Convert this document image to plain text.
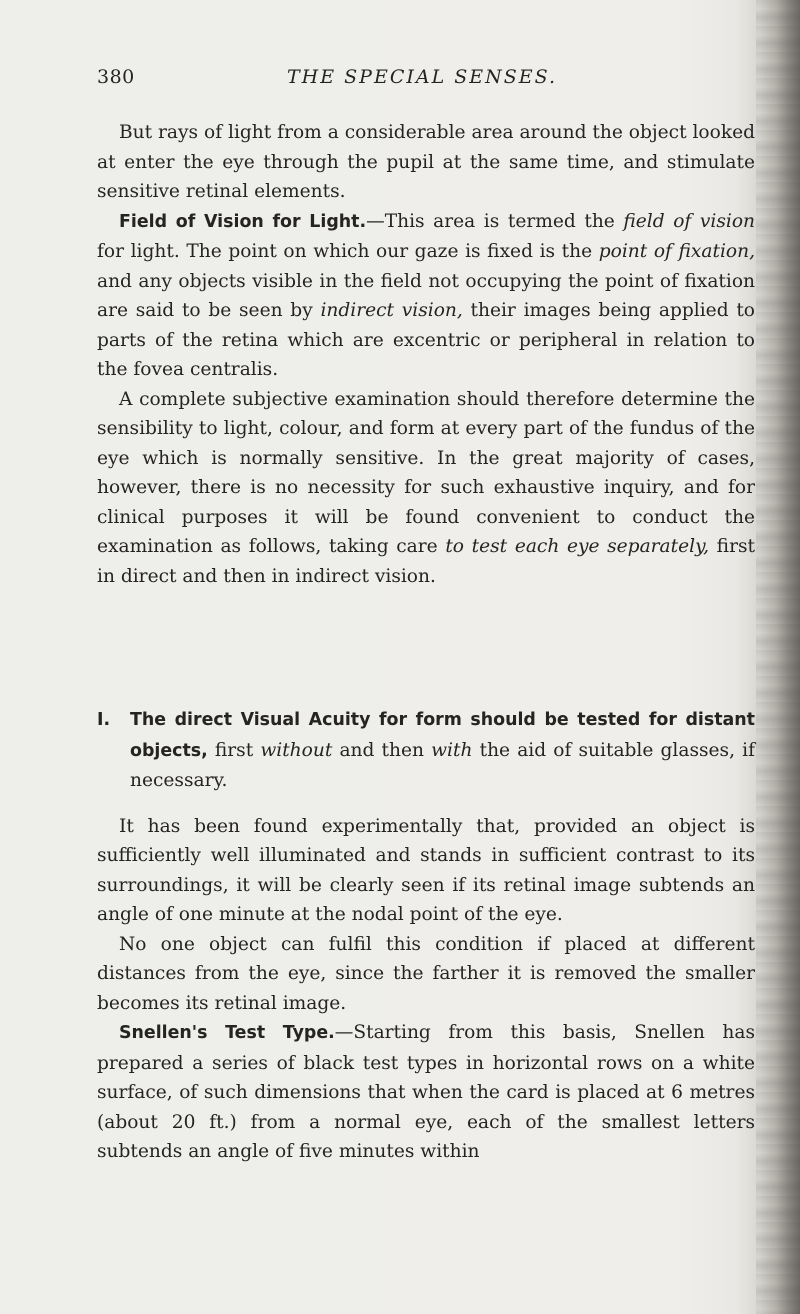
380	THE SPECIAL SENSES.

But rays of light from a considerable area around the object looked at enter the eye through the pupil at the same time, and stimulate sensitive retinal elements.

Field of Vision for Light.—This area is termed the field of vision for light. The point on which our gaze is fixed is the point of fixation, and any objects visible in the field not occupying the point of fixation are said to be seen by indirect vision, their images being applied to parts of the retina which are excentric or peripheral in relation to the fovea centralis.

A complete subjective examination should therefore determine the sensibility to light, colour, and form at every part of the fundus of the eye which is normally sensitive. In the great majority of cases, however, there is no necessity for such exhaustive inquiry, and for clinical purposes it will be found convenient to conduct the examination as follows, taking care to test each eye separately, first in direct and then in indirect vision.

I. The direct Visual Acuity for form should be tested for distant objects, first without and then with the aid of suitable glasses, if necessary.

It has been found experimentally that, provided an object is sufficiently well illuminated and stands in sufficient contrast to its surroundings, it will be clearly seen if its retinal image subtends an angle of one minute at the nodal point of the eye.

No one object can fulfil this condition if placed at different distances from the eye, since the farther it is removed the smaller becomes its retinal image.

Snellen's Test Type.—Starting from this basis, Snellen has prepared a series of black test types in horizontal rows on a white surface, of such dimensions that when the card is placed at 6 metres (about 20 ft.) from a normal eye, each of the smallest letters subtends an angle of five minutes within
